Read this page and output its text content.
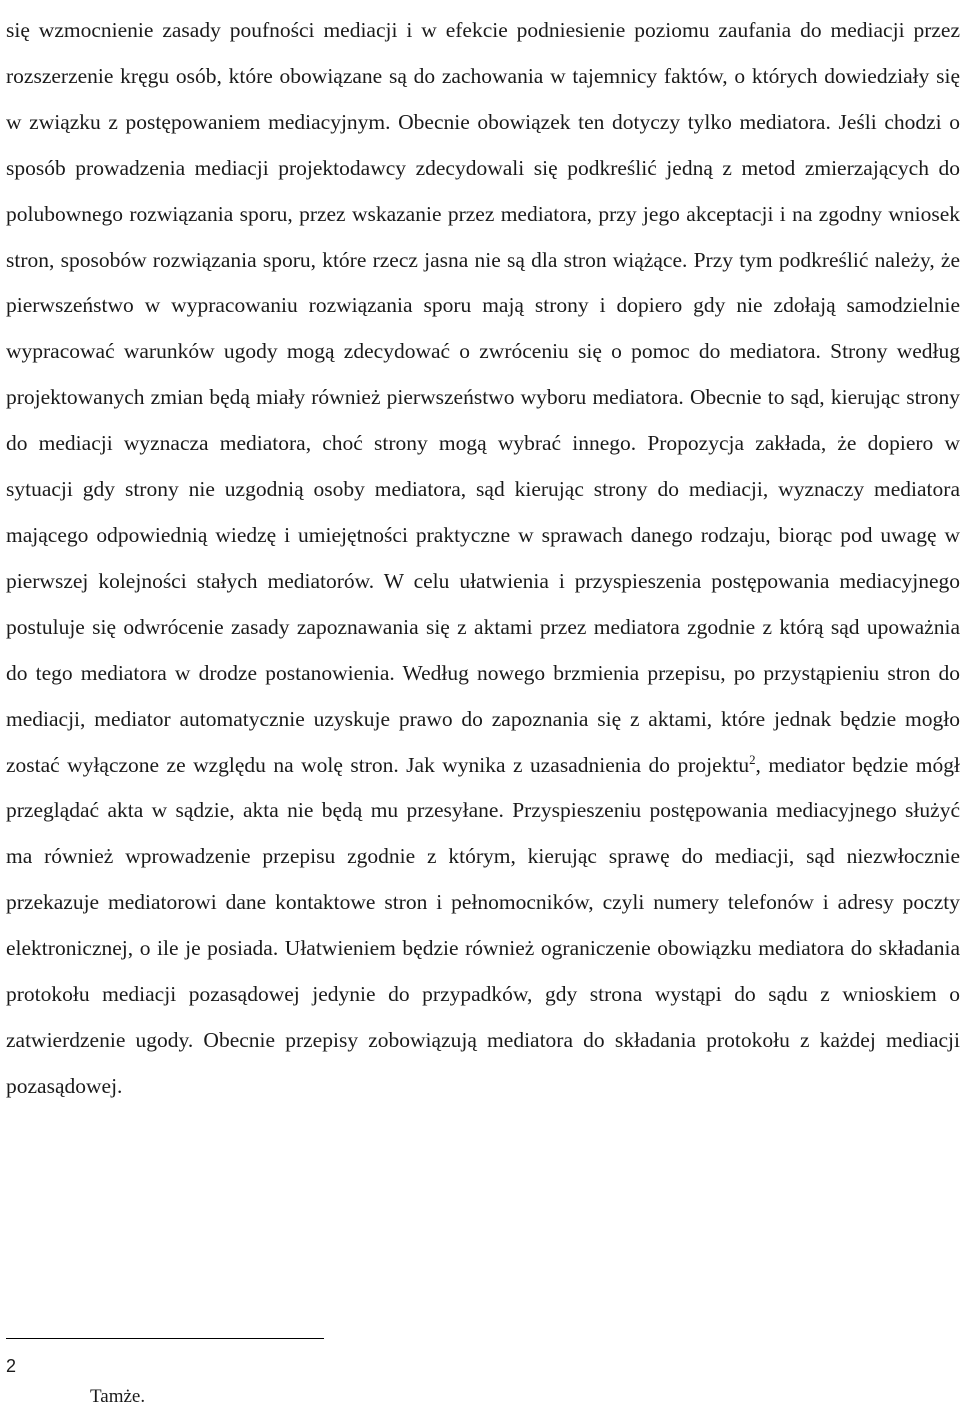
się wzmocnienie zasady poufności mediacji i w efekcie podniesienie poziomu zaufania do mediacji przez rozszerzenie kręgu osób, które obowiązane są do zachowania w tajemnicy faktów, o których dowiedziały się w związku z postępowaniem mediacyjnym. Obecnie obowiązek ten dotyczy tylko mediatora. Jeśli chodzi o sposób prowadzenia mediacji projektodawcy zdecydowali się podkreślić jedną z metod zmierzających do polubownego rozwiązania sporu, przez wskazanie przez mediatora, przy jego akceptacji i na zgodny wniosek stron, sposobów rozwiązania sporu, które rzecz jasna nie są dla stron wiążące. Przy tym podkreślić należy, że pierwszeństwo w wypracowaniu rozwiązania sporu mają strony i dopiero gdy nie zdołają samodzielnie wypracować warunków ugody mogą zdecydować o zwróceniu się o pomoc do mediatora. Strony według projektowanych zmian będą miały również pierwszeństwo wyboru mediatora. Obecnie to sąd, kierując strony do mediacji wyznacza mediatora, choć strony mogą wybrać innego. Propozycja zakłada, że dopiero w sytuacji gdy strony nie uzgodnią osoby mediatora, sąd kierując strony do mediacji, wyznaczy mediatora mającego odpowiednią wiedzę i umiejętności praktyczne w sprawach danego rodzaju, biorąc pod uwagę w pierwszej kolejności stałych mediatorów. W celu ułatwienia i przyspieszenia postępowania mediacyjnego postuluje się odwrócenie zasady zapoznawania się z aktami przez mediatora zgodnie z którą sąd upoważnia do tego mediatora w drodze postanowienia. Według nowego brzmienia przepisu, po przystąpieniu stron do mediacji, mediator automatycznie uzyskuje prawo do zapoznania się z aktami, które jednak będzie mogło zostać wyłączone ze względu na wolę stron. Jak wynika z uzasadnienia do projektu$^2$, mediator będzie mógł przeglądać akta w sądzie, akta nie będą mu przesyłane. Przyspieszeniu postępowania mediacyjnego służyć ma również wprowadzenie przepisu zgodnie z którym, kierując sprawę do mediacji, sąd niezwłocznie przekazuje mediatorowi dane kontaktowe stron i pełnomocników, czyli numery telefonów i adresy poczty elektronicznej, o ile je posiada. Ułatwieniem będzie również ograniczenie obowiązku mediatora do składania protokołu mediacji pozasądowej jedynie do przypadków, gdy strona wystąpi do sądu z wnioskiem o zatwierdzenie ugody. Obecnie przepisy zobowiązują mediatora do składania protokołu z każdej mediacji pozasądowej.

2
Tamże.
